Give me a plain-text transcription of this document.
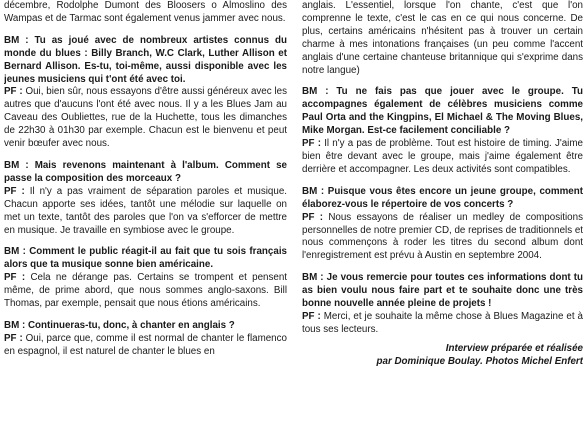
décembre, Rodolphe Dumont des Bloosers o Almoslino des Wampas et de Tarmac sont également venus jammer avec nous.

BM : Tu as joué avec de nombreux artistes connus du monde du blues : Billy Branch, W.C Clark, Luther Allison et Bernard Allison. Es-tu, toi-même, aussi disponible avec les jeunes musiciens qui t'ont été avec toi.

PF : Oui, bien sûr, nous essayons d'être aussi généreux avec les autres que d'aucuns l'ont été avec nous. Il y a les Blues Jam au Caveau des Oubliettes, rue de la Huchette, tous les dimanches de 22h30 à 01h30 par exemple. Chacun est le bienvenu et peut venir bœufer avec nous.

BM : Mais revenons maintenant à l'album. Comment se passe la composition des morceaux ?

PF : Il n'y a pas vraiment de séparation paroles et musique. Chacun apporte ses idées, tantôt une mélodie sur laquelle on met un texte, tantôt des paroles que l'on va s'efforcer de mettre en musique. Je travaille en symbiose avec le groupe.

BM : Comment le public réagit-il au fait que tu sois français alors que ta musique sonne bien américaine.

PF : Cela ne dérange pas. Certains se trompent et pensent même, de prime abord, que nous sommes anglo-saxons. Bill Thomas, par exemple, pensait que nous étions américains.

BM : Continueras-tu, donc, à chanter en anglais ?

PF : Oui, parce que, comme il est normal de chanter le flamenco en espagnol, il est naturel de chanter le blues en

anglais. L'essentiel, lorsque l'on chante, c'est que l'on comprenne le texte, c'est le cas en ce qui nous concerne. De plus, certains américains n'hésitent pas à trouver un certain charme à mes intonations françaises (un peu comme l'accent anglais d'une certaine chanteuse britannique qui s'exprime dans notre langue)

BM : Tu ne fais pas que jouer avec le groupe. Tu accompagnes également de célèbres musiciens comme Paul Orta and the Kingpins, El Michael & The Moving Blues, Mike Morgan. Est-ce facilement conciliable ?

PF : Il n'y a pas de problème. Tout est histoire de timing. J'aime bien être devant avec le groupe, mais j'aime également être derrière et accompagner. Les deux activités sont compatibles.

BM : Puisque vous êtes encore un jeune groupe, comment élaborez-vous le répertoire de vos concerts ?

PF : Nous essayons de réaliser un medley de compositions personnelles de notre premier CD, de reprises de traditionnels et nous commençons à roder les titres du second album dont l'enregistrement est prévu à Austin en septembre 2004.

BM : Je vous remercie pour toutes ces informations dont tu as bien voulu nous faire part et te souhaite donc une très bonne nouvelle année pleine de projets !

PF : Merci, et je souhaite la même chose à Blues Magazine et à tous ses lecteurs.

Interview préparée et réalisée
par Dominique Boulay. Photos Michel Enfert
